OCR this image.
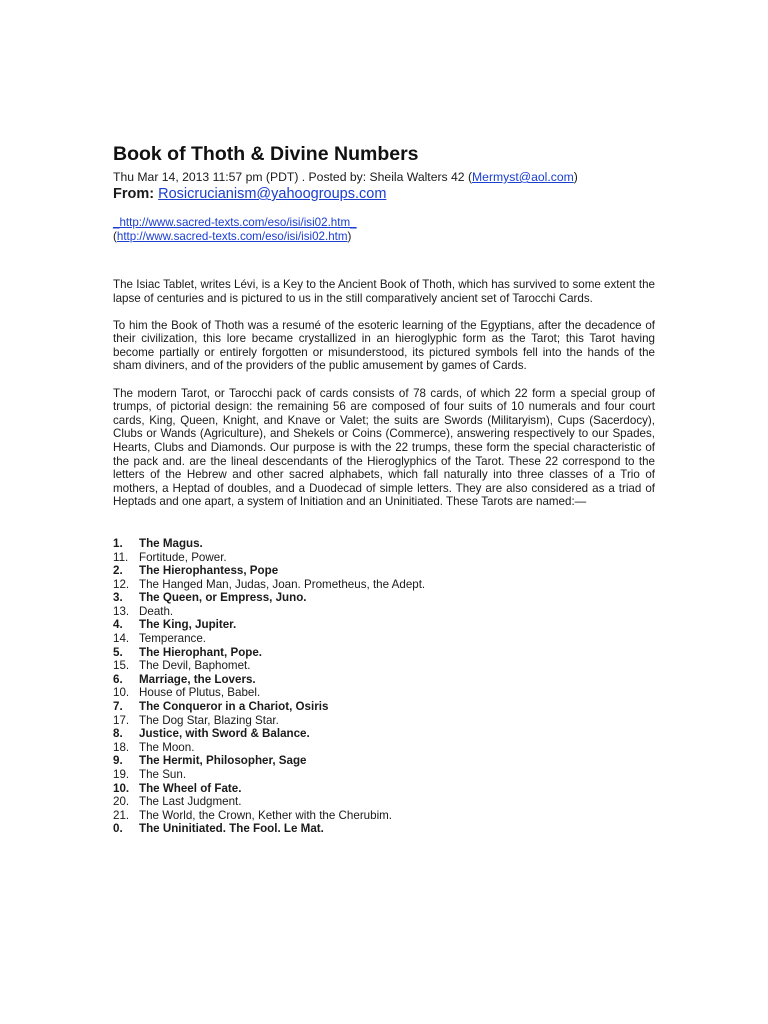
Book of Thoth & Divine Numbers
Thu Mar 14, 2013 11:57 pm (PDT) . Posted by: Sheila Walters 42 (Mermyst@aol.com)
From: Rosicrucianism@yahoogroups.com
_http://www.sacred-texts.com/eso/isi/isi02.htm_
(http://www.sacred-texts.com/eso/isi/isi02.htm)

The Isiac Tablet, writes Lévi, is a Key to the Ancient Book of Thoth, which has survived to some extent the lapse of centuries and is pictured to us in the still comparatively ancient set of Tarocchi Cards.

To him the Book of Thoth was a resumé of the esoteric learning of the Egyptians, after the decadence of their civilization, this lore became crystallized in an hieroglyphic form as the Tarot; this Tarot having become partially or entirely forgotten or misunderstood, its pictured symbols fell into the hands of the sham diviners, and of the providers of the public amusement by games of Cards.

The modern Tarot, or Tarocchi pack of cards consists of 78 cards, of which 22 form a special group of trumps, of pictorial design: the remaining 56 are composed of four suits of 10 numerals and four court cards, King, Queen, Knight, and Knave or Valet; the suits are Swords (Militaryism), Cups (Sacerdocy), Clubs or Wands (Agriculture), and Shekels or Coins (Commerce), answering respectively to our Spades, Hearts, Clubs and Diamonds. Our purpose is with the 22 trumps, these form the special characteristic of the pack and. are the lineal descendants of the Hieroglyphics of the Tarot. These 22 correspond to the letters of the Hebrew and other sacred alphabets, which fall naturally into three classes of a Trio of mothers, a Heptad of doubles, and a Duodecad of simple letters. They are also considered as a triad of Heptads and one apart, a system of Initiation and an Uninitiated. These Tarots are named:—

1.	The Magus.
11. Fortitude, Power.
2.	The Hierophantess, Pope
12. The Hanged Man, Judas, Joan. Prometheus, the Adept.
3.	The Queen, or Empress, Juno.
13. Death.
4.	The King, Jupiter.
14. Temperance.
5.	The Hierophant, Pope.
15. The Devil, Baphomet.
6.	Marriage, the Lovers.
10. House of Plutus, Babel.
7.	The Conqueror in a Chariot, Osiris
17. The Dog Star, Blazing Star.
8.	Justice, with Sword & Balance.
18. The Moon.
9.	The Hermit, Philosopher, Sage
19. The Sun.
10. The Wheel of Fate.
20. The Last Judgment.
21. The World, the Crown, Kether with the Cherubim.
0.	The Uninitiated. The Fool. Le Mat.
